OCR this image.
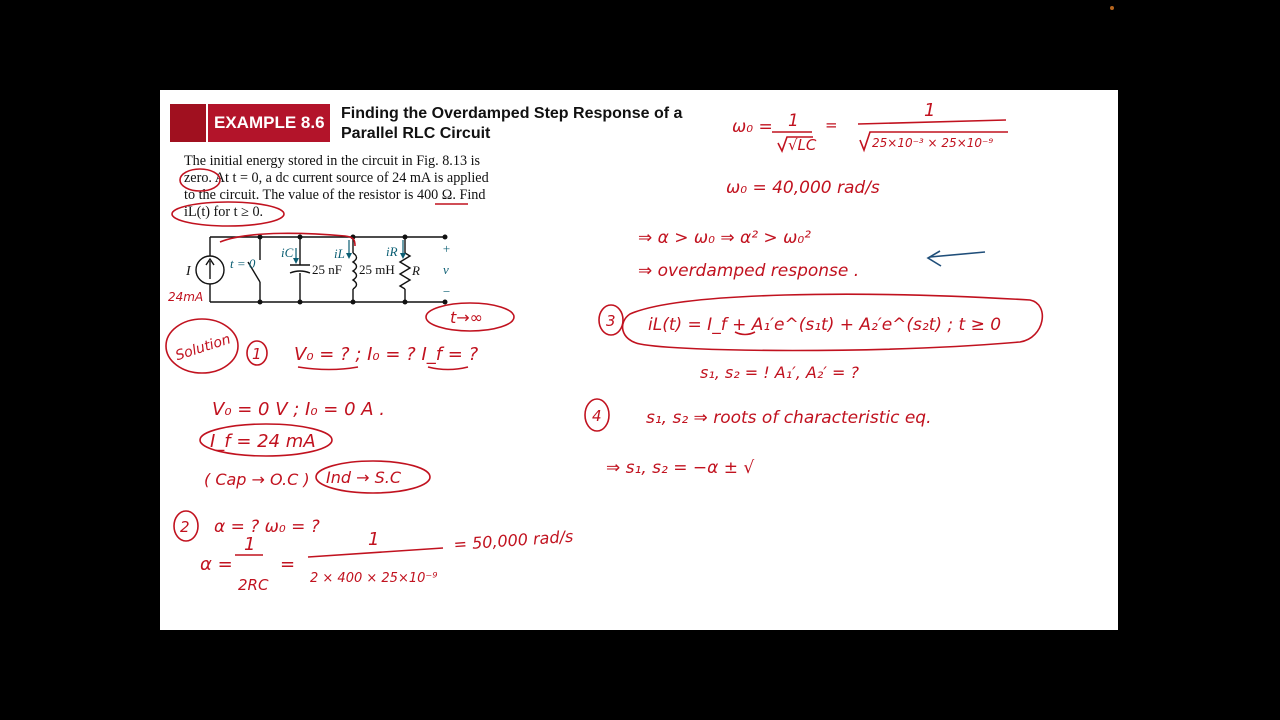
EXAMPLE 8.6 Finding the Overdamped Step Response of a
Parallel RLC Circuit
The initial energy stored in the circuit in Fig. 8.13 is
zero. At t = 0, a dc current source of 24 mA is applied
to the circuit. The value of the resistor is 400 Ω. Find
iL(t) for t ≥ 0.
I
t = 0
iC
25 nF
iL
25 mH
iR
R
+
v
−
24mA
t→∞
Solution 1 V₀ = ? ; I₀ = ? I_f = ?
V₀ = 0 V ; I₀ = 0 A .
I_f = 24 mA
( Cap → O.C ) Ind → S.C
2 α = ? ω₀ = ?
α =
1
2RC
=
1
2 × 400 × 25×10⁻⁹
= 50,000 rad/s
ω₀ = 1
√LC
=
1
25×10⁻³ × 25×10⁻⁹
ω₀ = 40,000 rad/s
⇒ α > ω₀ ⇒ α² > ω₀²
⇒ overdamped response .
3 iL(t) = I_f + A₁′e^(s₁t) + A₂′e^(s₂t) ; t ≥ 0
s₁, s₂ = ! A₁′, A₂′ = ?
4	s₁, s₂ ⇒ roots of characteristic eq.
⇒ s₁, s₂ = −α ± √
